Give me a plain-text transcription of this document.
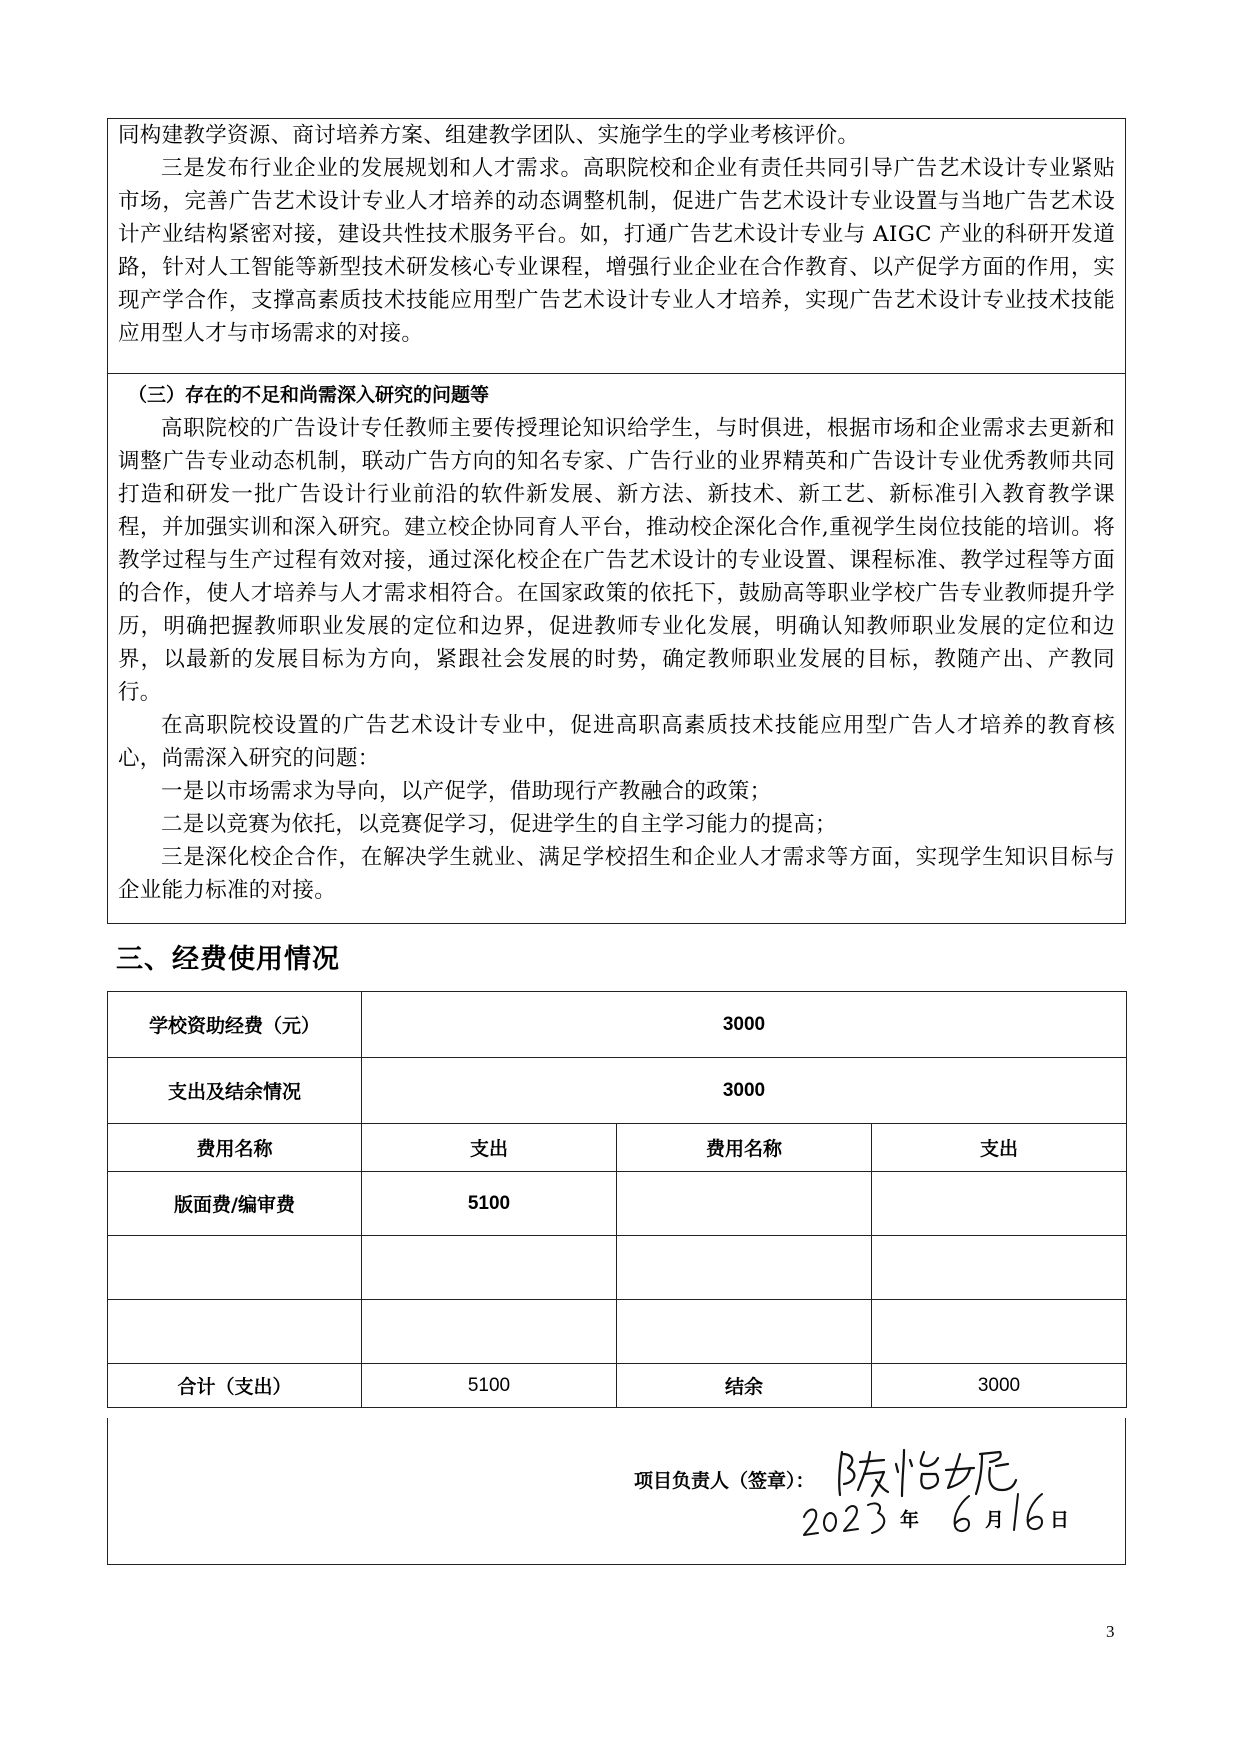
同构建教学资源、商讨培养方案、组建教学团队、实施学生的学业考核评价。

三是发布行业企业的发展规划和人才需求。高职院校和企业有责任共同引导广告艺术设计专业紧贴市场，完善广告艺术设计专业人才培养的动态调整机制，促进广告艺术设计专业设置与当地广告艺术设计产业结构紧密对接，建设共性技术服务平台。如，打通广告艺术设计专业与 AIGC 产业的科研开发道路，针对人工智能等新型技术研发核心专业课程，增强行业企业在合作教育、以产促学方面的作用，实现产学合作，支撑高素质技术技能应用型广告艺术设计专业人才培养，实现广告艺术设计专业技术技能应用型人才与市场需求的对接。

（三）存在的不足和尚需深入研究的问题等

高职院校的广告设计专任教师主要传授理论知识给学生，与时俱进，根据市场和企业需求去更新和调整广告专业动态机制，联动广告方向的知名专家、广告行业的业界精英和广告设计专业优秀教师共同打造和研发一批广告设计行业前沿的软件新发展、新方法、新技术、新工艺、新标准引入教育教学课程，并加强实训和深入研究。建立校企协同育人平台，推动校企深化合作,重视学生岗位技能的培训。将教学过程与生产过程有效对接，通过深化校企在广告艺术设计的专业设置、课程标准、教学过程等方面的合作，使人才培养与人才需求相符合。在国家政策的依托下，鼓励高等职业学校广告专业教师提升学历，明确把握教师职业发展的定位和边界，促进教师专业化发展，明确认知教师职业发展的定位和边界，以最新的发展目标为方向，紧跟社会发展的时势，确定教师职业发展的目标，教随产出、产教同行。

在高职院校设置的广告艺术设计专业中，促进高职高素质技术技能应用型广告人才培养的教育核心，尚需深入研究的问题：

一是以市场需求为导向，以产促学，借助现行产教融合的政策；

二是以竞赛为依托，以竞赛促学习，促进学生的自主学习能力的提高；

三是深化校企合作，在解决学生就业、满足学校招生和企业人才需求等方面，实现学生知识目标与企业能力标准的对接。

三、经费使用情况
学校资助经费（元）	3000		
支出及结余情况	3000		
费用名称	支出	费用名称	支出
版面费/编审费	5100		

合计（支出）	5100	结余	3000
项目负责人（签章）：
年	月 日
3
